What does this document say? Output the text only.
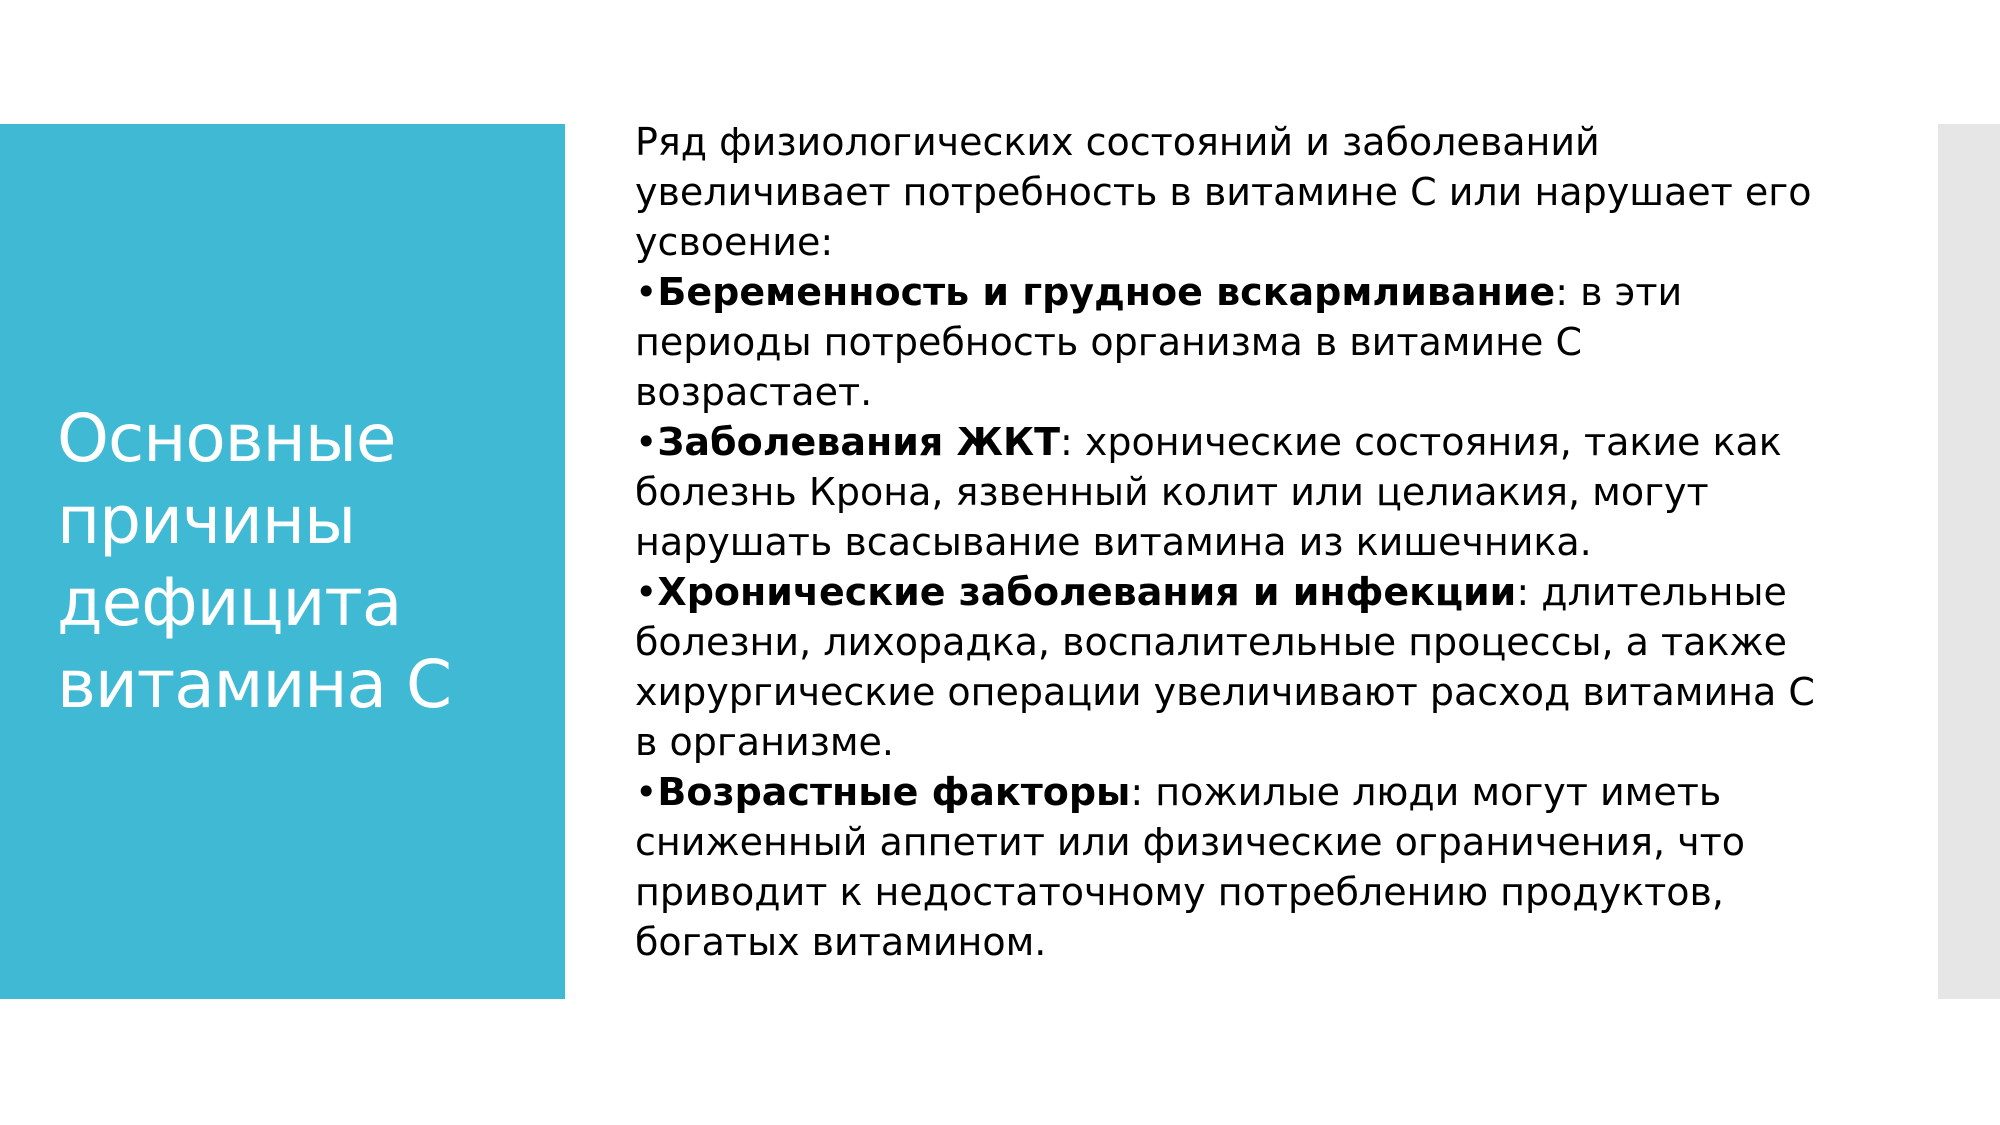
Основные
причины
дефицита
витамина С

Ряд физиологических состояний и заболеваний
увеличивает потребность в витамине С или нарушает его
усвоение:

•Беременность и грудное вскармливание: в эти
периоды потребность организма в витамине С
возрастает.

•Заболевания ЖКТ: хронические состояния, такие как
болезнь Крона, язвенный колит или целиакия, могут
нарушать всасывание витамина из кишечника.

•Хронические заболевания и инфекции: длительные
болезни, лихорадка, воспалительные процессы, а также
хирургические операции увеличивают расход витамина С
в организме.

•Возрастные факторы: пожилые люди могут иметь
сниженный аппетит или физические ограничения, что
приводит к недостаточному потреблению продуктов,
богатых витамином.
